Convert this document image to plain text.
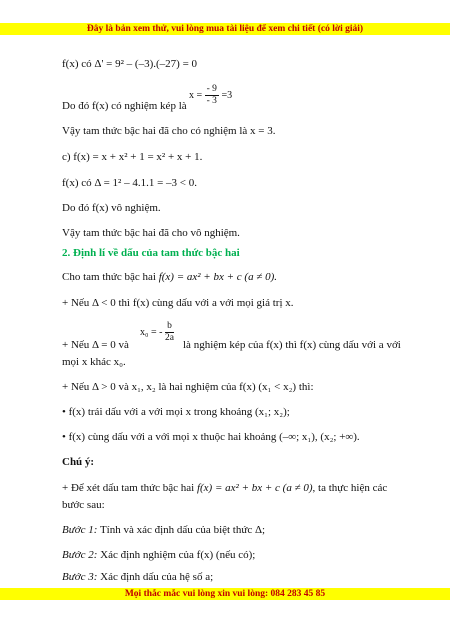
Đây là bản xem thử, vui lòng mua tài liệu để xem chi tiết (có lời giải)
f(x) có Δ' = 9² – (–3).(–27) = 0
Do đó f(x) có nghiệm kép là
$x = \frac{- 9}{- 3} =3$
Vậy tam thức bậc hai đã cho có nghiệm là x = 3.
c) f(x) = x + x² + 1 = x² + x + 1.
f(x) có Δ = 1² – 4.1.1 = –3 < 0.
Do đó f(x) vô nghiệm.
Vậy tam thức bậc hai đã cho vô nghiệm.
2. Định lí về dấu của tam thức bậc hai
Cho tam thức bậc hai f(x) = ax² + bx + c (a ≠ 0).
+ Nếu Δ < 0 thì f(x) cùng dấu với a với mọi giá trị x.
+ Nếu Δ = 0 và
x₀ = - $\frac{b}{2a}$
là nghiệm kép của f(x) thì f(x) cùng dấu với a với
mọi x khác x₀.
+ Nếu Δ > 0 và x₁, x₂ là hai nghiệm của f(x) (x₁ < x₂) thì:
• f(x) trái dấu với a với mọi x trong khoảng (x₁; x₂);
• f(x) cùng dấu với a với mọi x thuộc hai khoảng (–∞; x₁), (x₂; +∞).
Chú ý:
+ Để xét dấu tam thức bậc hai f(x) = ax² + bx + c (a ≠ 0), ta thực hiện các
bước sau:
Bước 1: Tính và xác định dấu của biệt thức Δ;
Bước 2: Xác định nghiệm của f(x) (nếu có);
Bước 3: Xác định dấu của hệ số a;
Mọi thắc mắc vui lòng xin vui lòng: 084 283 45 85
